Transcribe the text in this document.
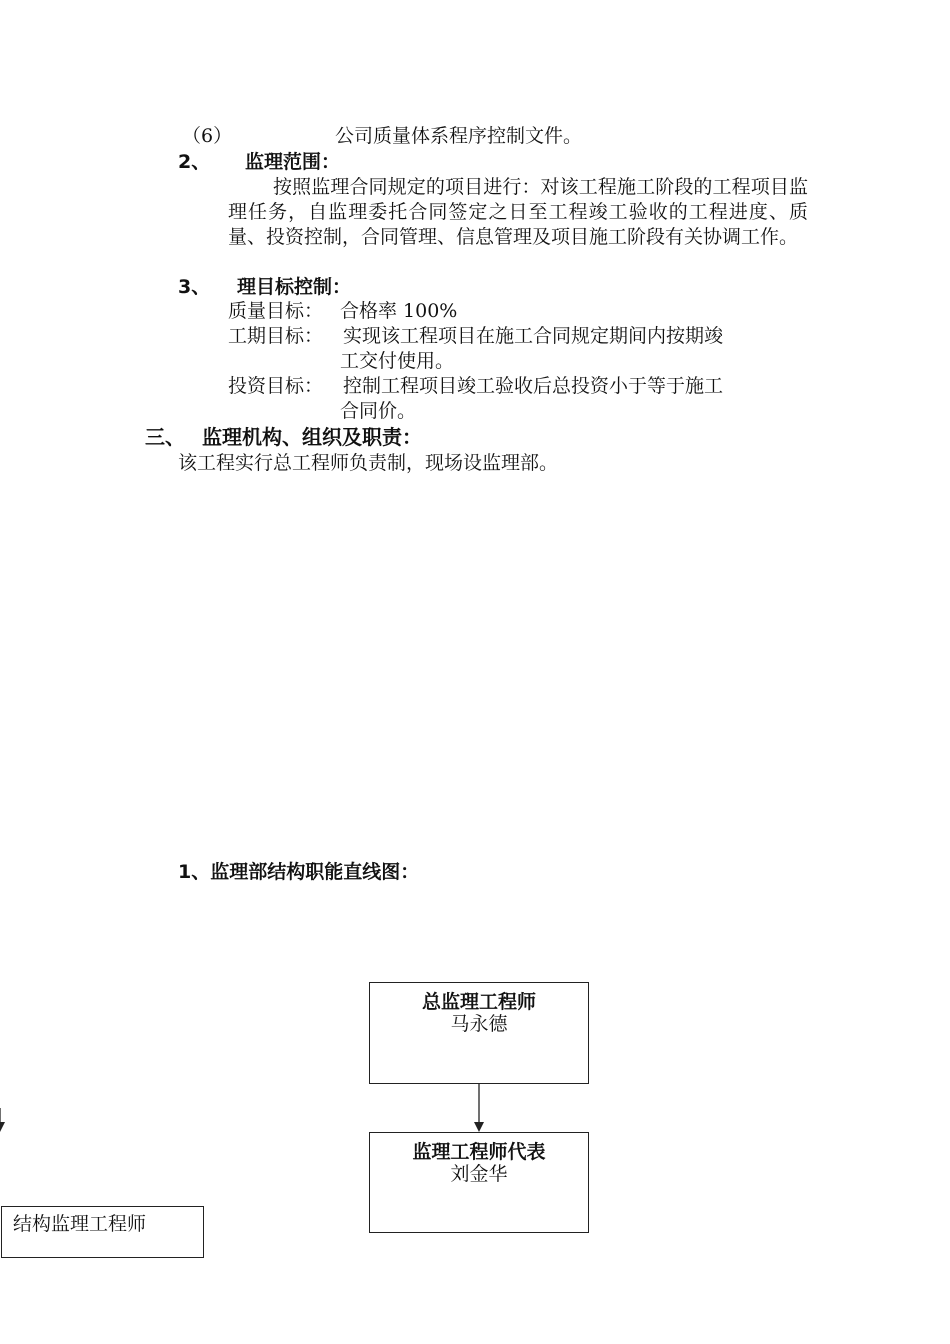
（6）	公司质量体系程序控制文件。
2、 监理范围：
按照监理合同规定的项目进行：对该工程施工阶段的工程项目监理任务，自监理委托合同签定之日至工程竣工验收的工程进度、质量、投资控制，合同管理、信息管理及项目施工阶段有关协调工作。
3、 理目标控制：
质量目标： 合格率 100%
工期目标： 实现该工程项目在施工合同规定期间内按期竣
工交付使用。
投资目标： 控制工程项目竣工验收后总投资小于等于施工
合同价。
三、 监理机构、组织及职责：
该工程实行总工程师负责制，现场设监理部。
1、监理部结构职能直线图：
总监理工程师
马永德
监理工程师代表
刘金华
结构监理工程师
